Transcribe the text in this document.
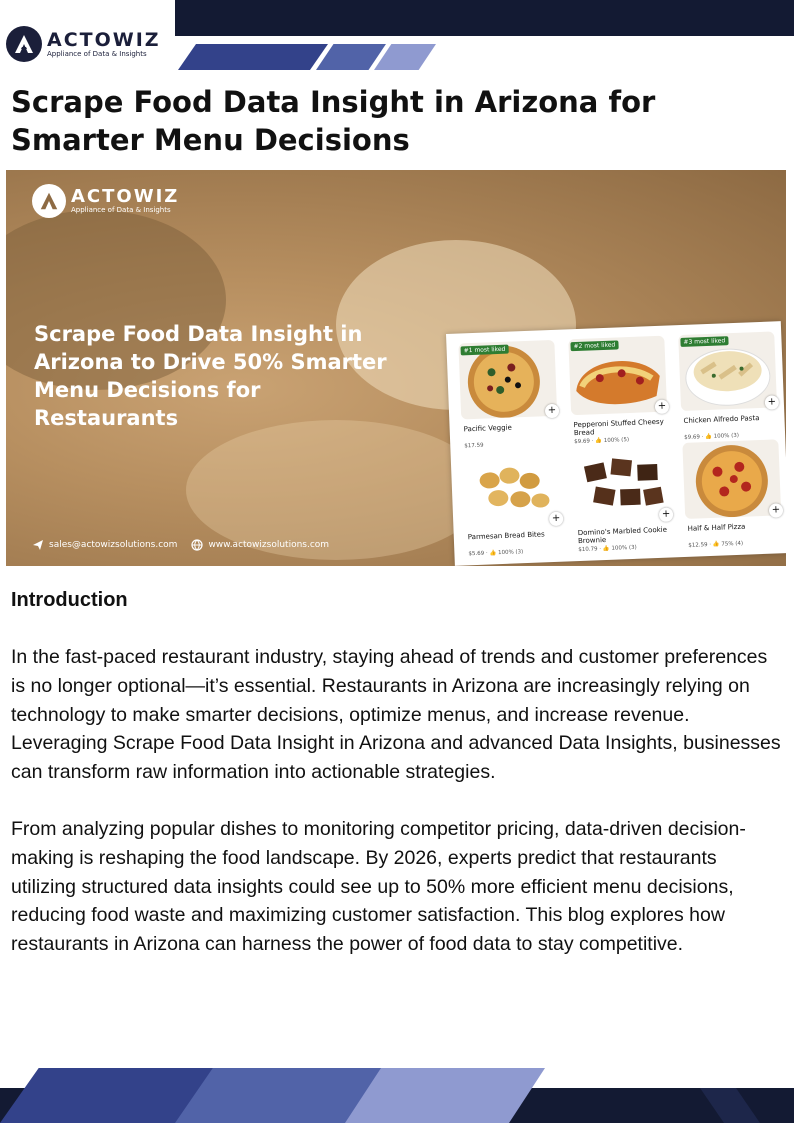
ACTOWIZ
Appliance of Data & Insights
Scrape Food Data Insight in Arizona for Smarter Menu Decisions
ACTOWIZ
Appliance of Data & Insights
Scrape Food Data Insight in Arizona to Drive 50% Smarter Menu Decisions for Restaurants
sales@actowizsolutions.com	www.actowizsolutions.com
#1 most liked
+
Pacific Veggie
$17.59
#2 most liked
+
Pepperoni Stuffed Cheesy Bread
$9.69 · 👍 100% (5)
#3 most liked
+
Chicken Alfredo Pasta
$9.69 · 👍 100% (3)
+
Parmesan Bread Bites
$5.69 · 👍 100% (3)
+
Domino's Marbled Cookie Brownie
$10.79 · 👍 100% (3)
+
Half & Half Pizza
$12.59 · 👍 75% (4)
Introduction

In the fast-paced restaurant industry, staying ahead of trends and customer preferences is no longer optional—it’s essential. Restaurants in Arizona are increasingly relying on technology to make smarter decisions, optimize menus, and increase revenue. Leveraging Scrape Food Data Insight in Arizona and advanced Data Insights, businesses can transform raw information into actionable strategies.

From analyzing popular dishes to monitoring competitor pricing, data-driven decision-making is reshaping the food landscape. By 2026, experts predict that restaurants utilizing structured data insights could see up to 50% more efficient menu decisions, reducing food waste and maximizing customer satisfaction. This blog explores how restaurants in Arizona can harness the power of food data to stay competitive.
